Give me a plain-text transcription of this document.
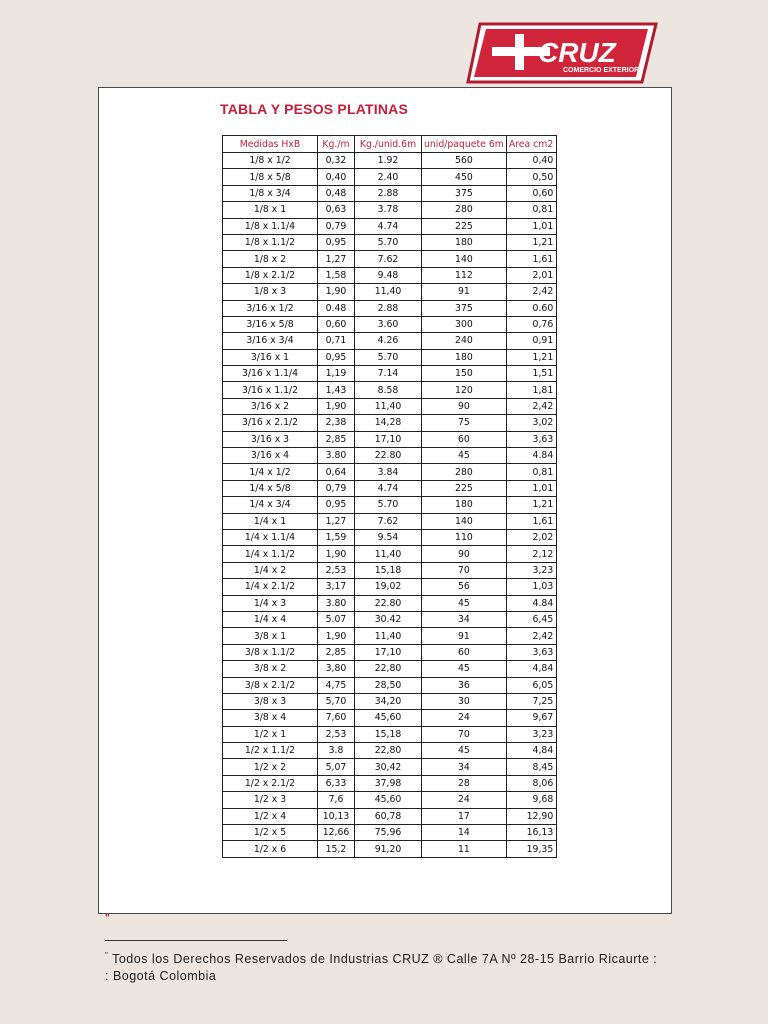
CRUZ
COMERCIO EXTERIOR
TABLA Y PESOS PLATINAS
Medidas HxB	Kg./m	Kg./unid.6m	unid/paquete 6m	Area cm2
1/8 x 1/2	0,32	1.92	560	0,40
1/8 x 5/8	0,40	2.40	450	0,50
1/8 x 3/4	0,48	2.88	375	0,60
1/8 x 1	0,63	3.78	280	0,81
1/8 x 1.1/4	0,79	4.74	225	1,01
1/8 x 1.1/2	0,95	5.70	180	1,21
1/8 x 2	1,27	7.62	140	1,61
1/8 x 2.1/2	1,58	9.48	112	2,01
1/8 x 3	1,90	11,40	91	2,42
3/16 x 1/2	0.48	2.88	375	0.60
3/16 x 5/8	0,60	3.60	300	0,76
3/16 x 3/4	0,71	4.26	240	0,91
3/16 x 1	0,95	5.70	180	1,21
3/16 x 1.1/4	1,19	7.14	150	1,51
3/16 x 1.1/2	1,43	8.58	120	1,81
3/16 x 2	1,90	11,40	90	2,42
3/16 x 2.1/2	2,38	14,28	75	3,02
3/16 x 3	2,85	17,10	60	3,63
3/16 x 4	3.80	22.80	45	4.84
1/4 x 1/2	0,64	3.84	280	0,81
1/4 x 5/8	0,79	4.74	225	1,01
1/4 x 3/4	0,95	5.70	180	1,21
1/4 x 1	1,27	7.62	140	1,61
1/4 x 1.1/4	1,59	9.54	110	2,02
1/4 x 1.1/2	1,90	11,40	90	2,12
1/4 x 2	2,53	15,18	70	3,23
1/4 x 2.1/2	3,17	19,02	56	1,03
1/4 x 3	3.80	22.80	45	4.84
1/4 x 4	5.07	30.42	34	6,45
3/8 x 1	1,90	11,40	91	2,42
3/8 x 1.1/2	2,85	17,10	60	3,63
3/8 x 2	3,80	22,80	45	4,84
3/8 x 2.1/2	4,75	28,50	36	6,05
3/8 x 3	5,70	34,20	30	7,25
3/8 x 4	7,60	45,60	24	9,67
1/2 x 1	2,53	15,18	70	3,23
1/2 x 1.1/2	3.8	22,80	45	4,84
1/2 x 2	5,07	30,42	34	8,45
1/2 x 2.1/2	6,33	37,98	28	8,06
1/2 x 3	7,6	45,60	24	9,68
1/2 x 4	10,13	60,78	17	12,90
1/2 x 5	12,66	75,96	14	16,13
1/2 x 6	15,2	91,20	11	19,35
"
" Todos los Derechos Reservados de Industrias CRUZ ® Calle 7A Nº 28-15 Barrio Ricaurte : : Bogotá Colombia
